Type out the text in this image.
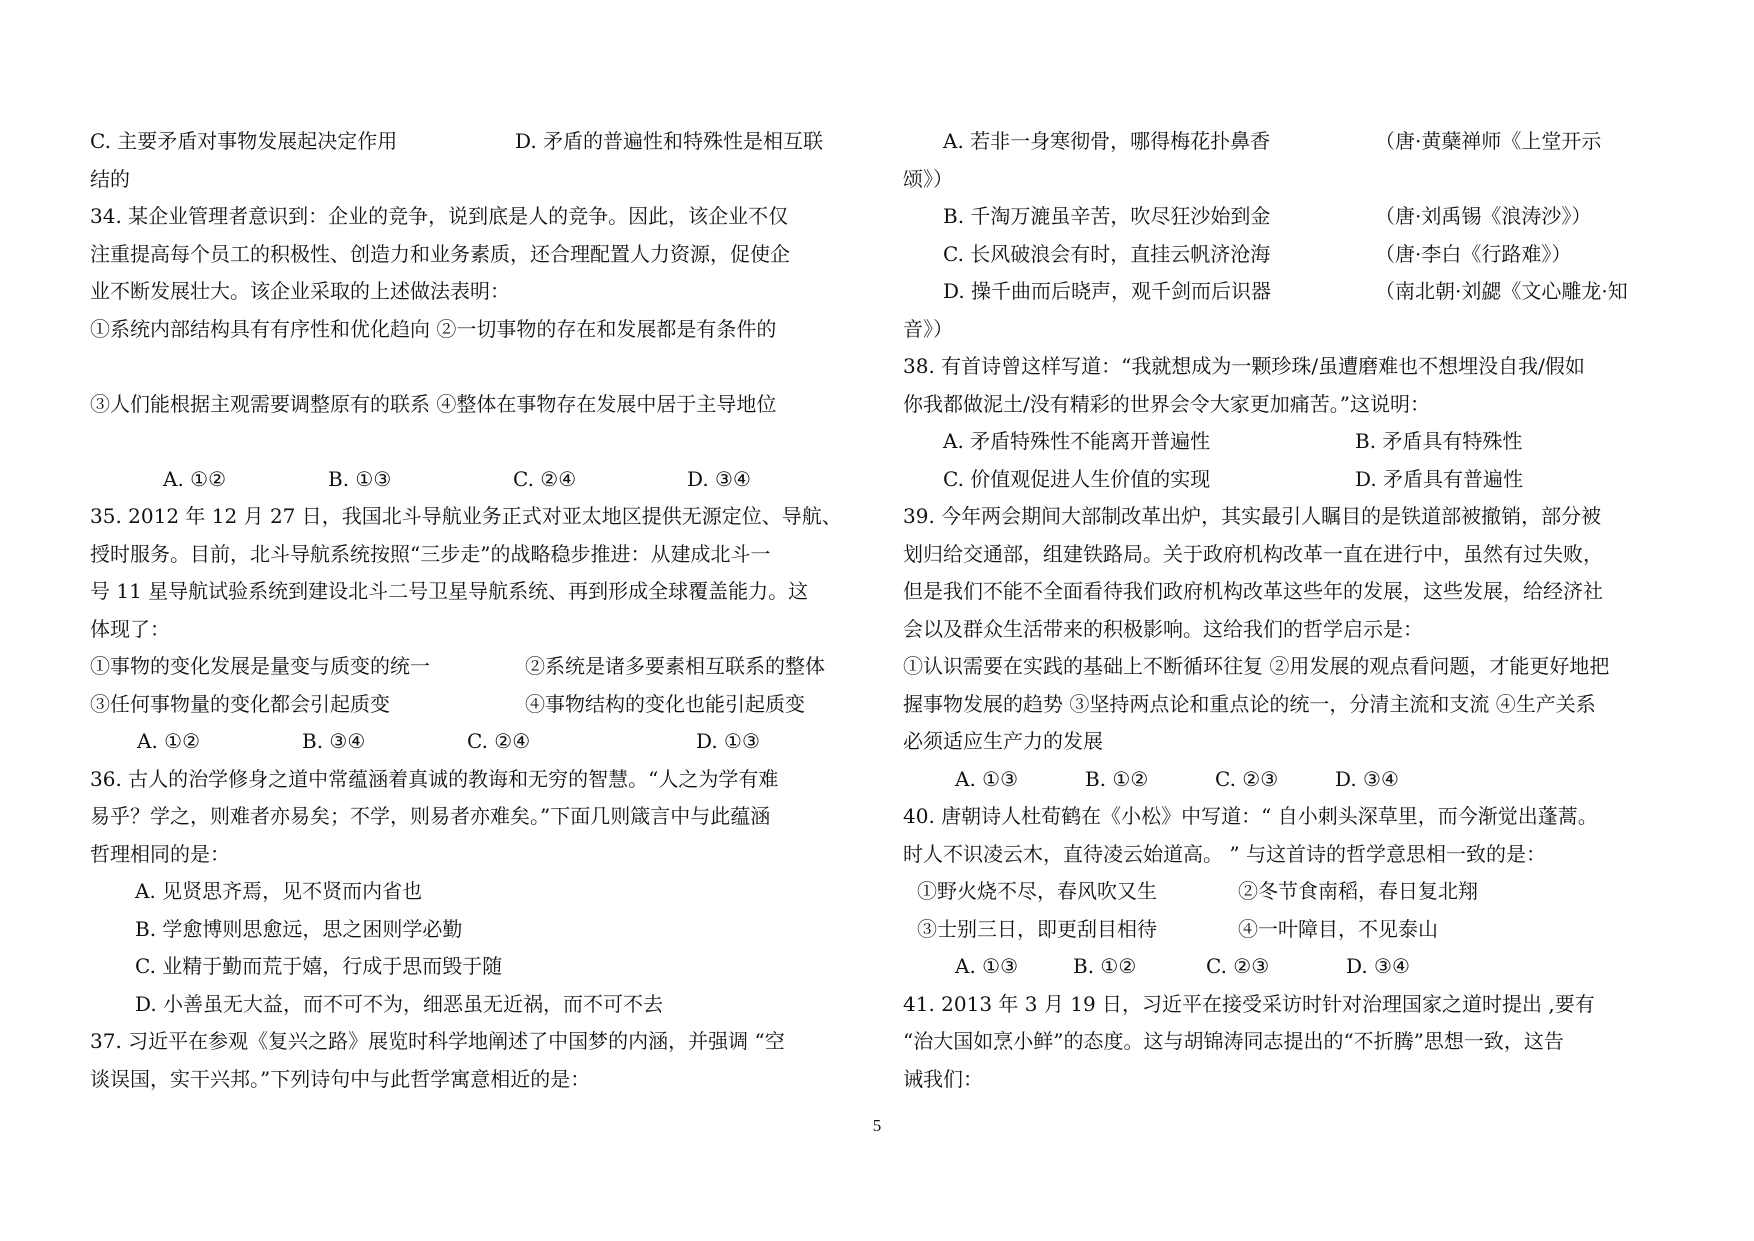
C. 主要矛盾对事物发展起决定作用	D. 矛盾的普遍性和特殊性是相互联
结的
34. 某企业管理者意识到：企业的竞争，说到底是人的竞争。因此，该企业不仅
注重提高每个员工的积极性、创造力和业务素质，还合理配置人力资源，促使企
业不断发展壮大。该企业采取的上述做法表明：
①系统内部结构具有有序性和优化趋向 ②一切事物的存在和发展都是有条件的
③人们能根据主观需要调整原有的联系 ④整体在事物存在发展中居于主导地位
A. ①②	B. ①③	C. ②④	D. ③④
35. 2012 年 12 月 27 日，我国北斗导航业务正式对亚太地区提供无源定位、导航、
授时服务。目前，北斗导航系统按照“三步走”的战略稳步推进：从建成北斗一
号 11 星导航试验系统到建设北斗二号卫星导航系统、再到形成全球覆盖能力。这
体现了：
①事物的变化发展是量变与质变的统一	②系统是诸多要素相互联系的整体
③任何事物量的变化都会引起质变	④事物结构的变化也能引起质变
A. ①②	B. ③④	C. ②④	D. ①③
36. 古人的治学修身之道中常蕴涵着真诚的教诲和无穷的智慧。“人之为学有难
易乎？学之，则难者亦易矣；不学，则易者亦难矣。”下面几则箴言中与此蕴涵
哲理相同的是：
A. 见贤思齐焉，见不贤而内省也
B. 学愈博则思愈远，思之困则学必勤
C. 业精于勤而荒于嬉，行成于思而毁于随
D. 小善虽无大益，而不可不为，细恶虽无近祸，而不可不去
37. 习近平在参观《复兴之路》展览时科学地阐述了中国梦的内涵，并强调 “空
谈误国，实干兴邦。”下列诗句中与此哲学寓意相近的是：
A. 若非一身寒彻骨，哪得梅花扑鼻香	（唐·黄蘖禅师《上堂开示
颂》）
B. 千淘万漉虽辛苦，吹尽狂沙始到金	（唐·刘禹锡《浪涛沙》）
C. 长风破浪会有时，直挂云帆济沧海	（唐·李白《行路难》）
D. 操千曲而后晓声，观千剑而后识器	（南北朝·刘勰《文心雕龙·知
音》）
38. 有首诗曾这样写道：“我就想成为一颗珍珠/虽遭磨难也不想埋没自我/假如
你我都做泥土/没有精彩的世界会令大家更加痛苦。”这说明：
A. 矛盾特殊性不能离开普遍性	B. 矛盾具有特殊性
C. 价值观促进人生价值的实现	D. 矛盾具有普遍性
39. 今年两会期间大部制改革出炉，其实最引人瞩目的是铁道部被撤销，部分被
划归给交通部，组建铁路局。关于政府机构改革一直在进行中，虽然有过失败，
但是我们不能不全面看待我们政府机构改革这些年的发展，这些发展，给经济社
会以及群众生活带来的积极影响。这给我们的哲学启示是：
①认识需要在实践的基础上不断循环往复 ②用发展的观点看问题，才能更好地把
握事物发展的趋势 ③坚持两点论和重点论的统一，分清主流和支流 ④生产关系
必须适应生产力的发展
A. ①③	B. ①②	C. ②③	D. ③④
40. 唐朝诗人杜荀鹤在《小松》中写道：“ 自小刺头深草里，而今渐觉出蓬蒿。
时人不识凌云木，直待凌云始道高。 ” 与这首诗的哲学意思相一致的是：
①野火烧不尽，春风吹又生	②冬节食南稻，春日复北翔
③士别三日，即更刮目相待	④一叶障目，不见泰山
A. ①③	B. ①②	C. ②③	D. ③④
41. 2013 年 3 月 19 日，习近平在接受采访时针对治理国家之道时提出 ,要有
“治大国如烹小鲜”的态度。这与胡锦涛同志提出的“不折腾”思想一致，这告
诫我们：
5
